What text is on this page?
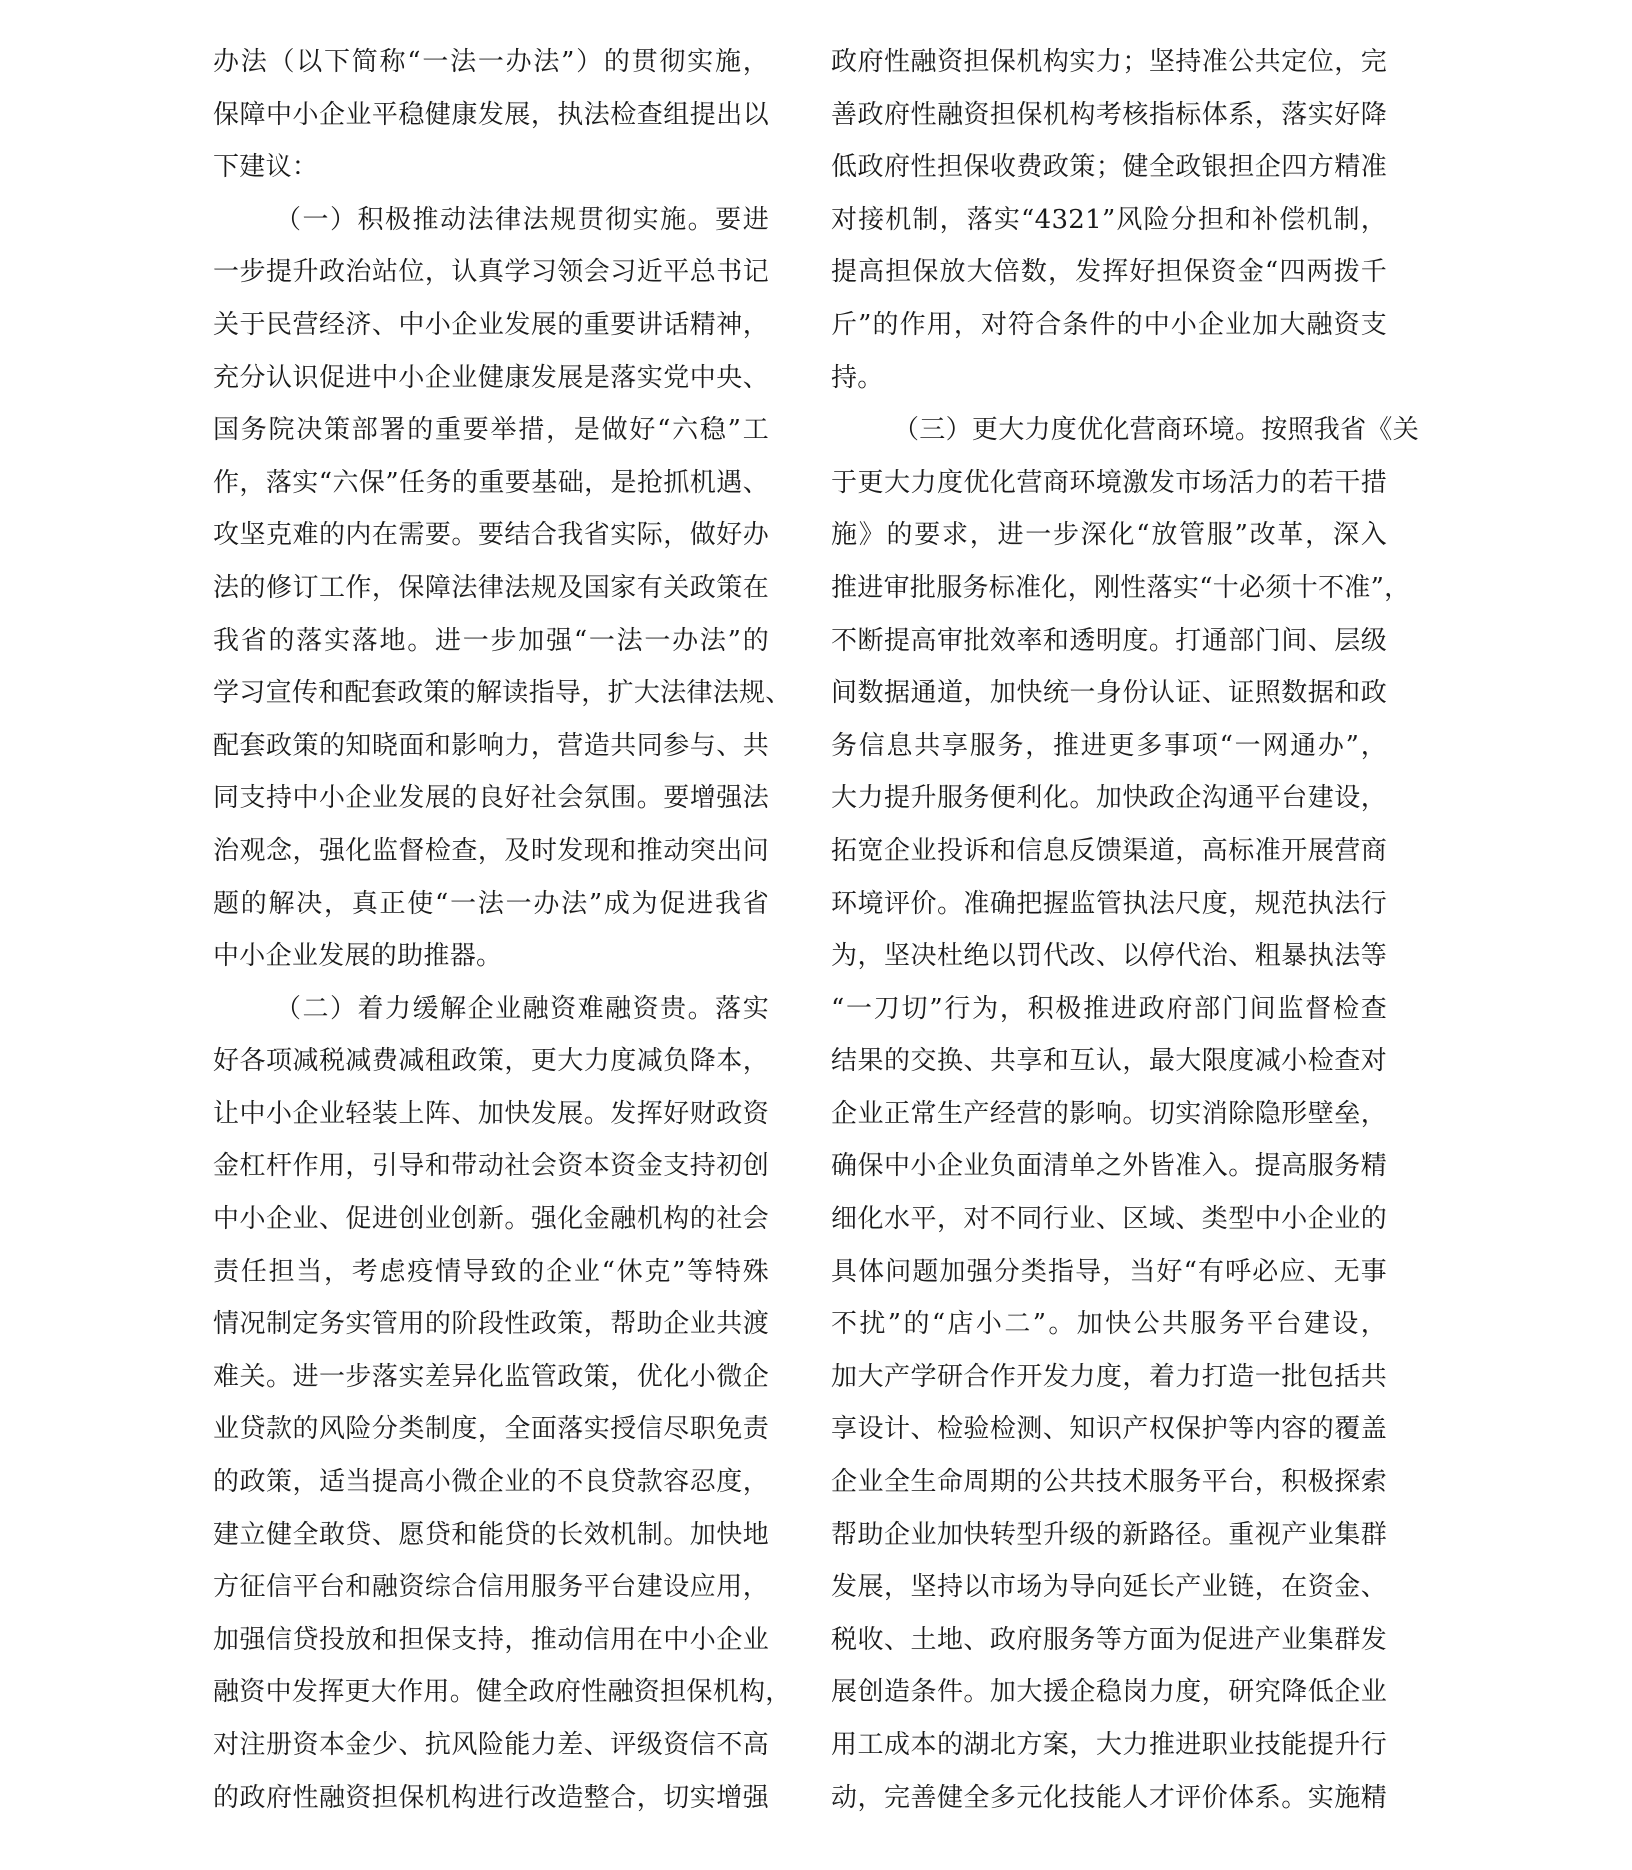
办法（以下简称“一法一办法”）的贯彻实施，
保障中小企业平稳健康发展，执法检查组提出以
下建议：
（一）积极推动法律法规贯彻实施。要进
一步提升政治站位，认真学习领会习近平总书记
关于民营经济、中小企业发展的重要讲话精神，
充分认识促进中小企业健康发展是落实党中央、
国务院决策部署的重要举措，是做好“六稳”工
作，落实“六保”任务的重要基础，是抢抓机遇、
攻坚克难的内在需要。要结合我省实际，做好办
法的修订工作，保障法律法规及国家有关政策在
我省的落实落地。进一步加强“一法一办法”的
学习宣传和配套政策的解读指导，扩大法律法规、
配套政策的知晓面和影响力，营造共同参与、共
同支持中小企业发展的良好社会氛围。要增强法
治观念，强化监督检查，及时发现和推动突出问
题的解决，真正使“一法一办法”成为促进我省
中小企业发展的助推器。
（二）着力缓解企业融资难融资贵。落实
好各项减税减费减租政策，更大力度减负降本，
让中小企业轻装上阵、加快发展。发挥好财政资
金杠杆作用，引导和带动社会资本资金支持初创
中小企业、促进创业创新。强化金融机构的社会
责任担当，考虑疫情导致的企业“休克”等特殊
情况制定务实管用的阶段性政策，帮助企业共渡
难关。进一步落实差异化监管政策，优化小微企
业贷款的风险分类制度，全面落实授信尽职免责
的政策，适当提高小微企业的不良贷款容忍度，
建立健全敢贷、愿贷和能贷的长效机制。加快地
方征信平台和融资综合信用服务平台建设应用，
加强信贷投放和担保支持，推动信用在中小企业
融资中发挥更大作用。健全政府性融资担保机构，
对注册资本金少、抗风险能力差、评级资信不高
的政府性融资担保机构进行改造整合，切实增强
政府性融资担保机构实力；坚持准公共定位，完
善政府性融资担保机构考核指标体系，落实好降
低政府性担保收费政策；健全政银担企四方精准
对接机制，落实“4321”风险分担和补偿机制，
提高担保放大倍数，发挥好担保资金“四两拨千
斤”的作用，对符合条件的中小企业加大融资支
持。
（三）更大力度优化营商环境。按照我省《关
于更大力度优化营商环境激发市场活力的若干措
施》的要求，进一步深化“放管服”改革，深入
推进审批服务标准化，刚性落实“十必须十不准”，
不断提高审批效率和透明度。打通部门间、层级
间数据通道，加快统一身份认证、证照数据和政
务信息共享服务，推进更多事项“一网通办”，
大力提升服务便利化。加快政企沟通平台建设，
拓宽企业投诉和信息反馈渠道，高标准开展营商
环境评价。准确把握监管执法尺度，规范执法行
为，坚决杜绝以罚代改、以停代治、粗暴执法等
“一刀切”行为，积极推进政府部门间监督检查
结果的交换、共享和互认，最大限度减小检查对
企业正常生产经营的影响。切实消除隐形壁垒，
确保中小企业负面清单之外皆准入。提高服务精
细化水平，对不同行业、区域、类型中小企业的
具体问题加强分类指导，当好“有呼必应、无事
不扰”的“店小二”。加快公共服务平台建设，
加大产学研合作开发力度，着力打造一批包括共
享设计、检验检测、知识产权保护等内容的覆盖
企业全生命周期的公共技术服务平台，积极探索
帮助企业加快转型升级的新路径。重视产业集群
发展，坚持以市场为导向延长产业链，在资金、
税收、土地、政府服务等方面为促进产业集群发
展创造条件。加大援企稳岗力度，研究降低企业
用工成本的湖北方案，大力推进职业技能提升行
动，完善健全多元化技能人才评价体系。实施精
